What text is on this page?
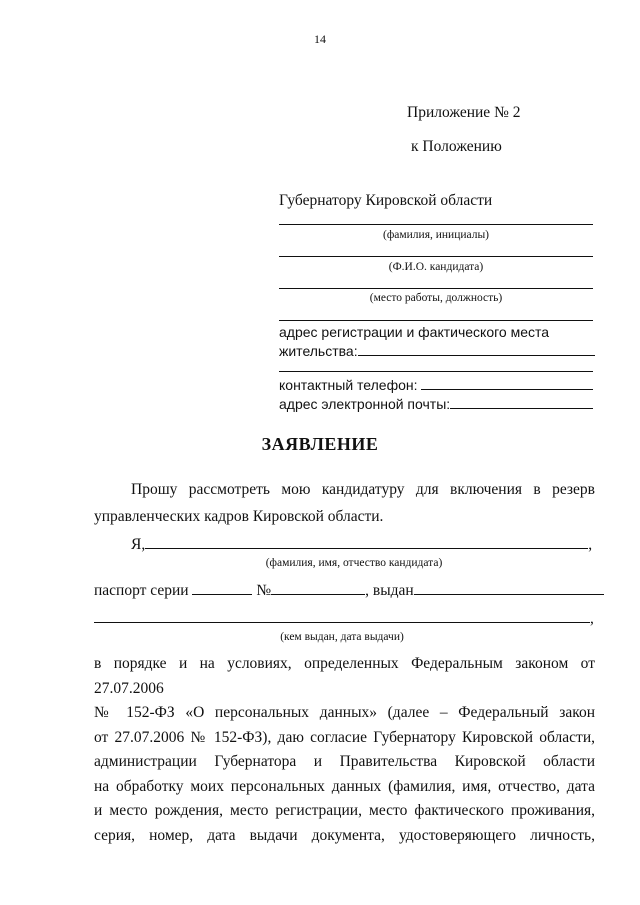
14
Приложение № 2
к Положению
Губернатору Кировской области
(фамилия, инициалы)
(Ф.И.О. кандидата)
(место работы, должность)
адрес регистрации и фактического места
жительства:
контактный телефон:
адрес электронной почты:
ЗАЯВЛЕНИЕ
Прошу рассмотреть мою кандидатуру для включения в резерв
управленческих кадров Кировской области.
Я,	,
(фамилия, имя, отчество кандидата)
паспорт серии	№	, выдан
,
(кем выдан, дата выдачи)
в порядке и на условиях, определенных Федеральным законом от 27.07.2006
№ 152-ФЗ «О персональных данных» (далее – Федеральный закон
от 27.07.2006 № 152-ФЗ), даю согласие Губернатору Кировской области,
администрации Губернатора и Правительства Кировской области
на обработку моих персональных данных (фамилия, имя, отчество, дата
и место рождения, место регистрации, место фактического проживания,
серия, номер, дата выдачи документа, удостоверяющего личность,
